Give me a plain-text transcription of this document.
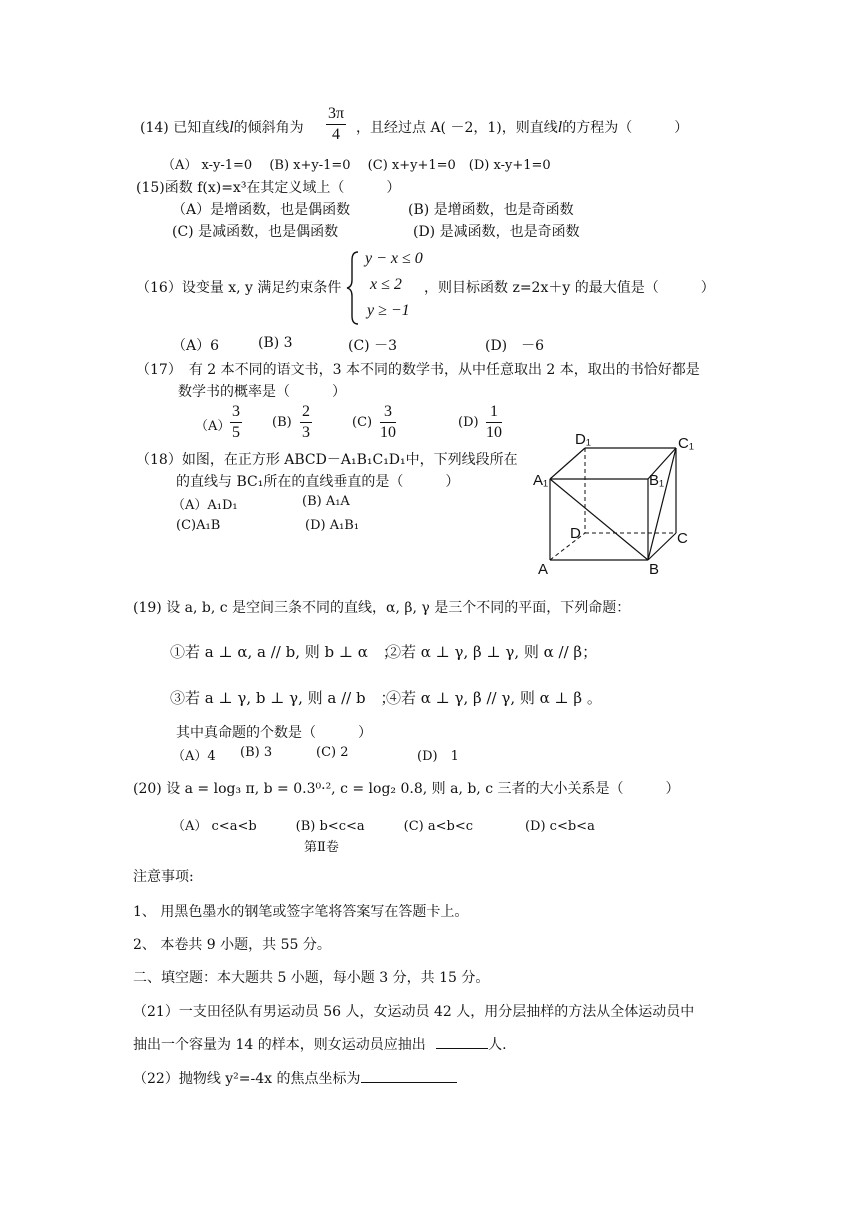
(14) 已知直线l的倾斜角为 $\frac{3\pi}{4}$ ，且经过点 A( －2，1)，则直线l的方程为（　　　）
（A） x-y-1=0　 (B) x+y-1=0　 (C) x+y+1=0　(D) x-y+1=0
(15)函数 f(x)=x³在其定义域上（　　　）
（A）是增函数，也是偶函数	(B) 是增函数，也是奇函数
(C) 是减函数，也是偶函数	(D) 是减函数，也是奇函数
（16）设变量 x, y 满足约束条件
y − x ≤ 0
x ≤ 2
y ≥ −1
，则目标函数 z=2x＋y 的最大值是（　　　）
（A）6	(B) 3	(C) －3	(D)　－6
（17）　有 2 本不同的语文书，3 本不同的数学书，从中任意取出 2 本，取出的书恰好都是
数学书的概率是（　　　）
$(A) \frac{3}{5} (B) \frac{2}{3}$	$(C) \frac{3}{10}$	$(D) \frac{1}{10}$
（18）如图，在正方形 ABCD－A₁B₁C₁D₁中，下列线段所在
的直线与 BC₁所在的直线垂直的是（　　　）
（A）A₁D₁	(B) A₁A
(C)A₁B	(D) A₁B₁
D₁	C₁
A₁	B₁
D	C
A	B
(19) 设 a, b, c 是空间三条不同的直线，α, β, γ 是三个不同的平面，下列命题：
①若 a ⊥ α, a // b, 则 b ⊥ α　；
②若 α ⊥ γ, β ⊥ γ, 则 α // β；
③若 a ⊥ γ, b ⊥ γ, 则 a // b　；
④若 α ⊥ γ, β // γ, 则 α ⊥ β 。
其中真命题的个数是（　　　）
（A）4 (B) 3	(C) 2	(D)　1
(20) 设 a = log₃ π, b = 0.3⁰·², c = log₂ 0.8, 则 a, b, c 三者的大小关系是（　　　）
（A） c<a<b　　　(B) b<c<a　　　(C) a<b<c　　　　(D) c<b<a
第Ⅱ卷
注意事项:
1、 用黑色墨水的钢笔或签字笔将答案写在答题卡上。
2、 本卷共 9 小题，共 55 分。
二、填空题：本大题共 5 小题，每小题 3 分，共 15 分。
（21）一支田径队有男运动员 56 人，女运动员 42 人，用分层抽样的方法从全体运动员中
抽出一个容量为 14 的样本，则女运动员应抽出	人.
（22）抛物线 y²=-4x 的焦点坐标为
